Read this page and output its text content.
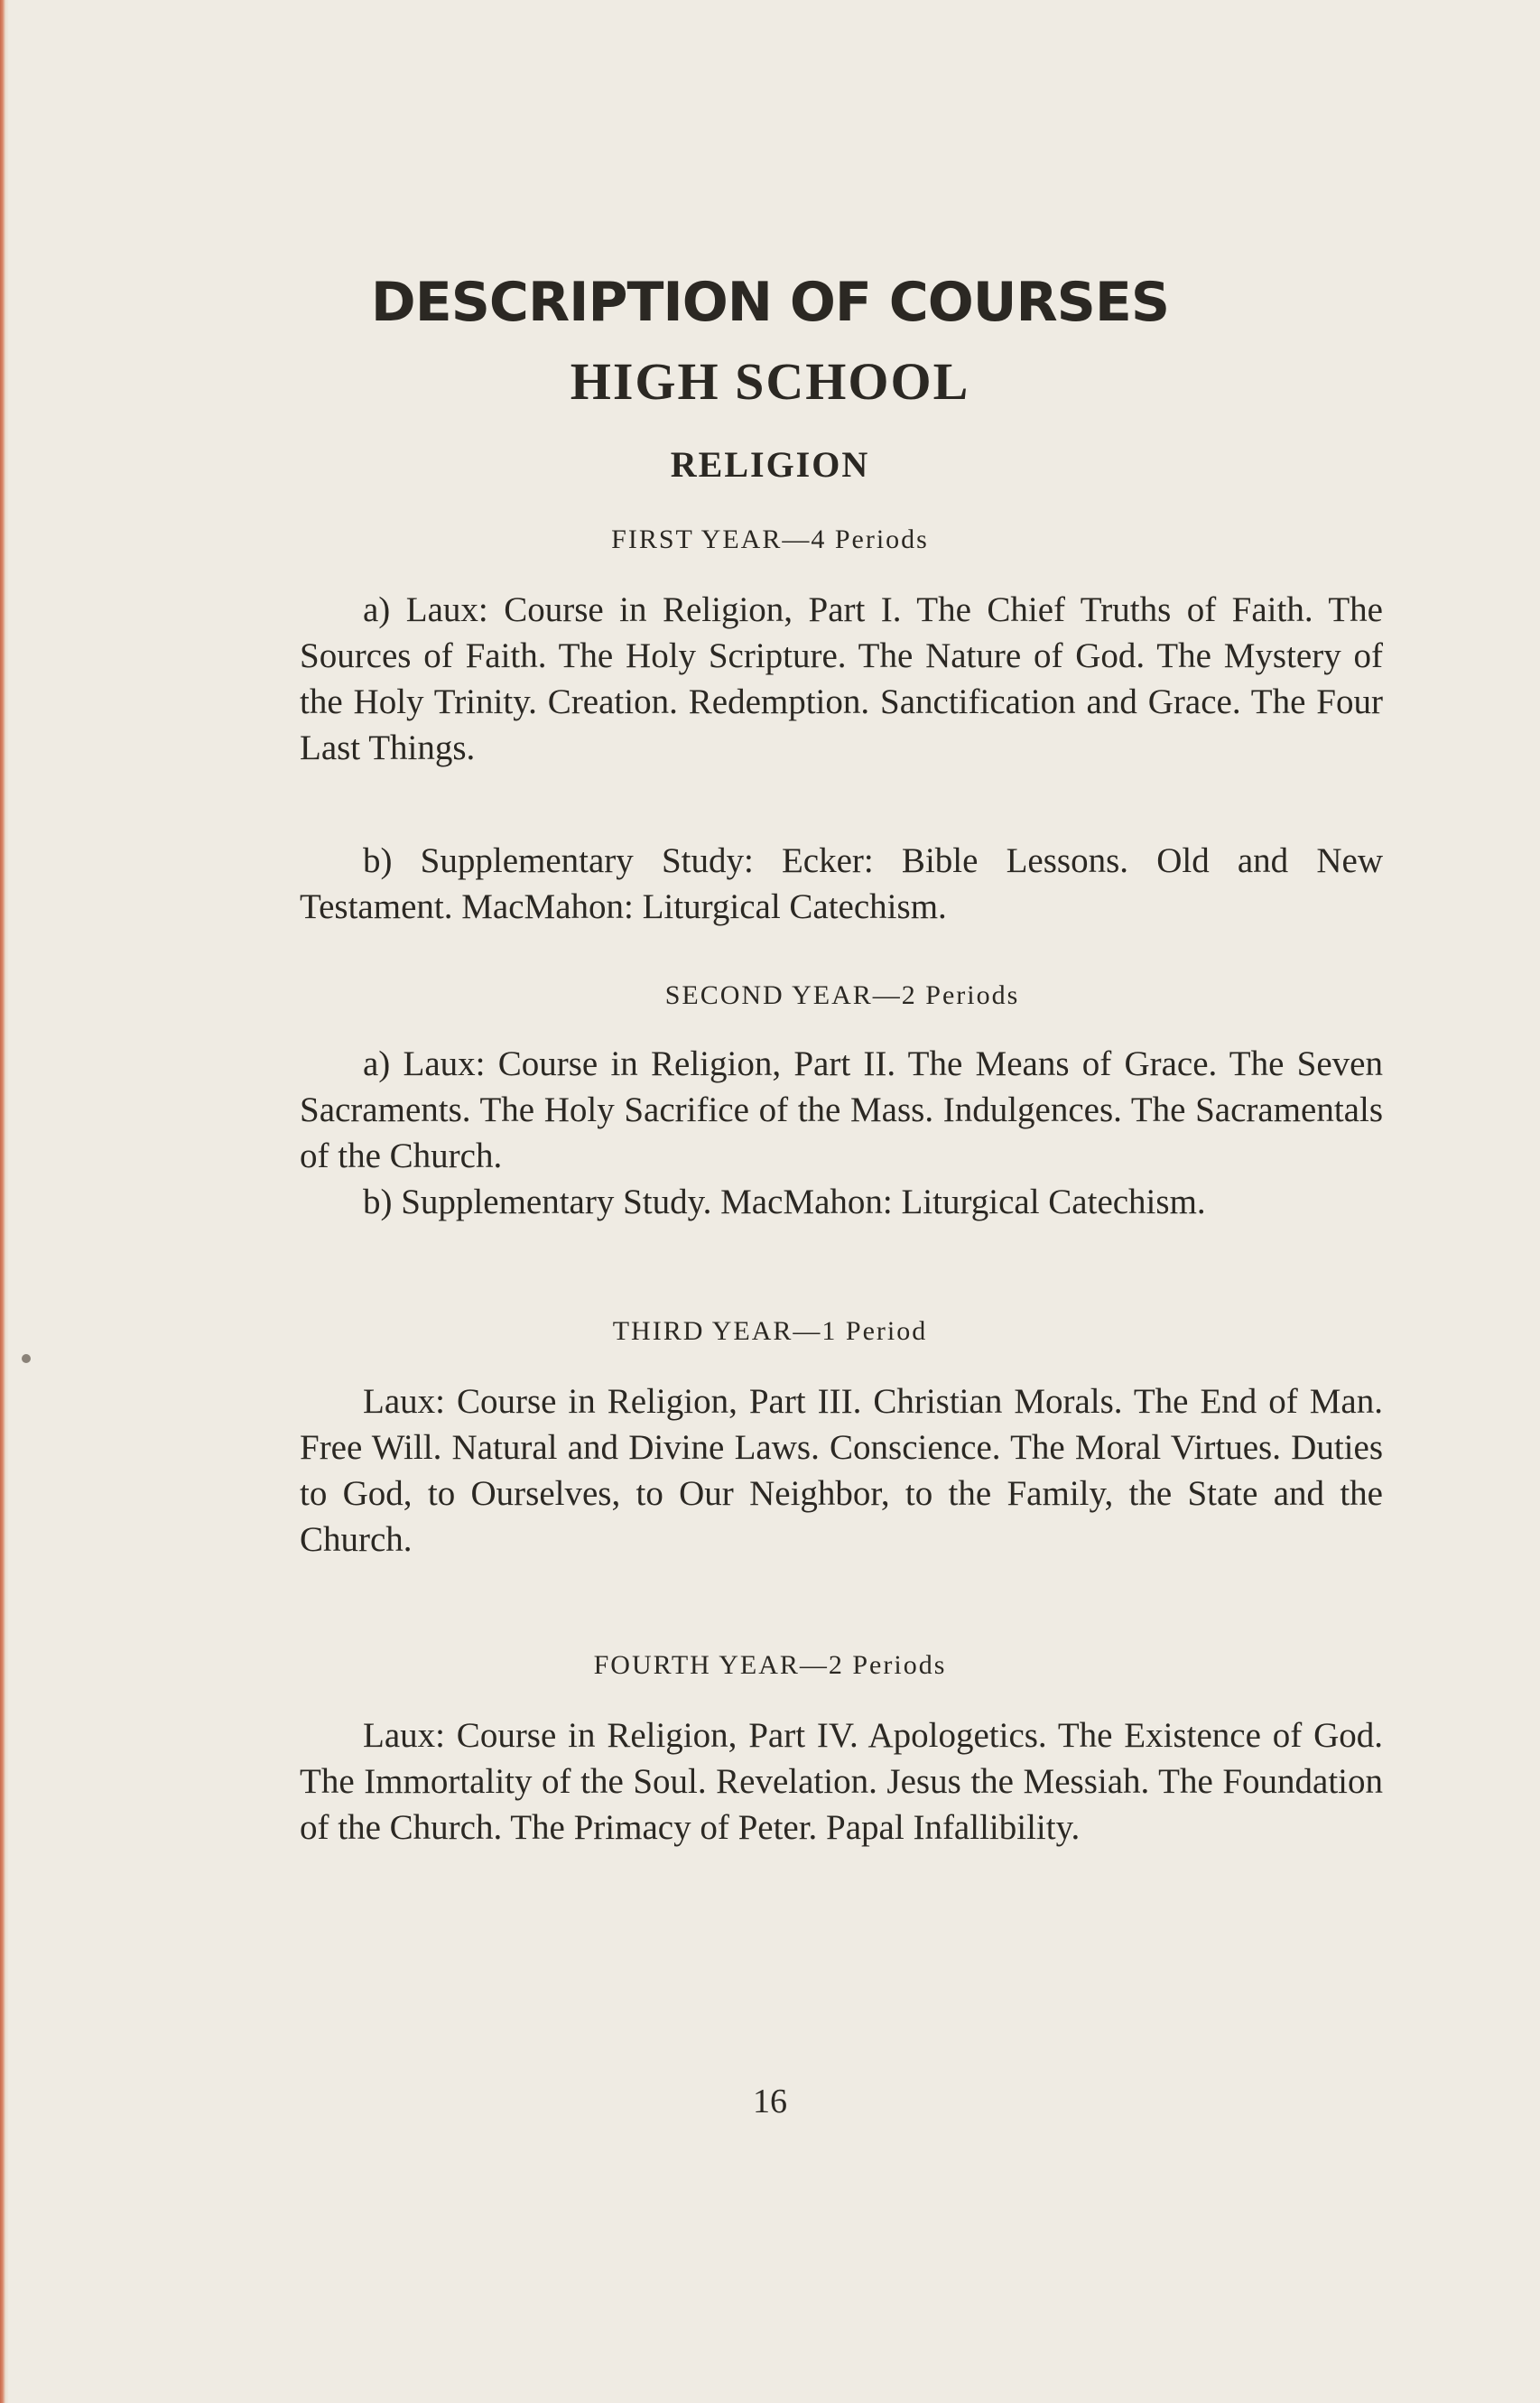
DESCRIPTION OF COURSES
HIGH SCHOOL
RELIGION
FIRST YEAR—4 Periods

a) Laux: Course in Religion, Part I. The Chief Truths of Faith. The Sources of Faith. The Holy Scripture. The Nature of God. The Mystery of the Holy Trinity. Creation. Redemption. Sanctification and Grace. The Four Last Things.

b) Supplementary Study: Ecker: Bible Lessons. Old and New Testament. MacMahon: Liturgical Catechism.

SECOND YEAR—2 Periods

a) Laux: Course in Religion, Part II. The Means of Grace. The Seven Sacraments. The Holy Sacrifice of the Mass. Indulgences. The Sacramentals of the Church.

b) Supplementary Study. MacMahon: Liturgical Catechism.

THIRD YEAR—1 Period

Laux: Course in Religion, Part III. Christian Morals. The End of Man. Free Will. Natural and Divine Laws. Conscience. The Moral Virtues. Duties to God, to Ourselves, to Our Neighbor, to the Family, the State and the Church.

FOURTH YEAR—2 Periods

Laux: Course in Religion, Part IV. Apologetics. The Existence of God. The Immortality of the Soul. Revelation. Jesus the Messiah. The Foundation of the Church. The Primacy of Peter. Papal Infallibility.

16
